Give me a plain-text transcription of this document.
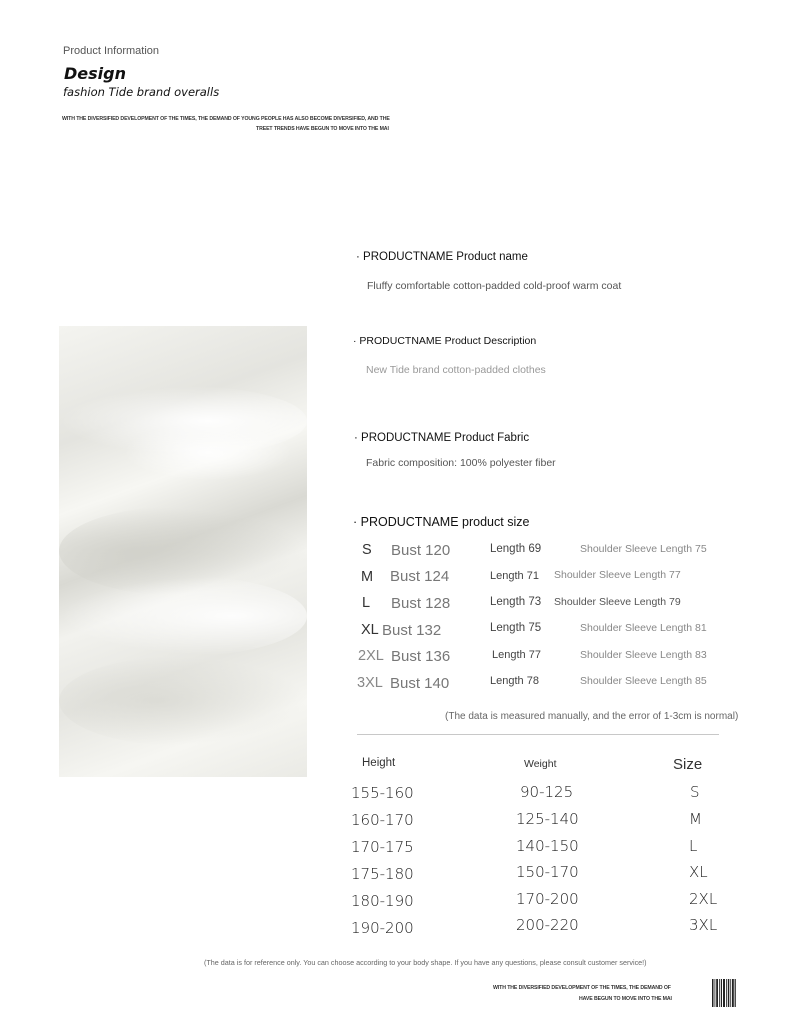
Product Information
Design
fashion Tide brand overalls
WITH THE DIVERSIFIED DEVELOPMENT OF THE TIMES, THE DEMAND OF YOUNG PEOPLE HAS ALSO BECOME DIVERSIFIED, AND THE
TREET TRENDS HAVE BEGUN TO MOVE INTO THE MAI
· PRODUCTNAME Product name
Fluffy comfortable cotton-padded cold-proof warm coat
· PRODUCTNAME Product Description
New Tide brand cotton-padded clothes
· PRODUCTNAME Product Fabric
Fabric composition: 100% polyester fiber
· PRODUCTNAME product size
S Bust 120	Length 69	Shoulder Sleeve Length 75
M Bust 124	Length 71 Shoulder Sleeve Length 77
L Bust 128	Length 73 Shoulder Sleeve Length 79
XL Bust 132	Length 75	Shoulder Sleeve Length 81
2XL Bust 136	Length 77	Shoulder Sleeve Length 83
3XL Bust 140	Length 78	Shoulder Sleeve Length 85
(The data is measured manually, and the error of 1-3cm is normal)
Height	Weight	Size
155-160	90-125	S
160-170	125-140	M
170-175	140-150	L
175-180	150-170	XL
180-190	170-200	2XL
190-200	200-220	3XL
(The data is for reference only. You can choose according to your body shape. If you have any questions, please consult customer service!)
WITH THE DIVERSIFIED DEVELOPMENT OF THE TIMES, THE DEMAND OF
HAVE BEGUN TO MOVE INTO THE MAI
